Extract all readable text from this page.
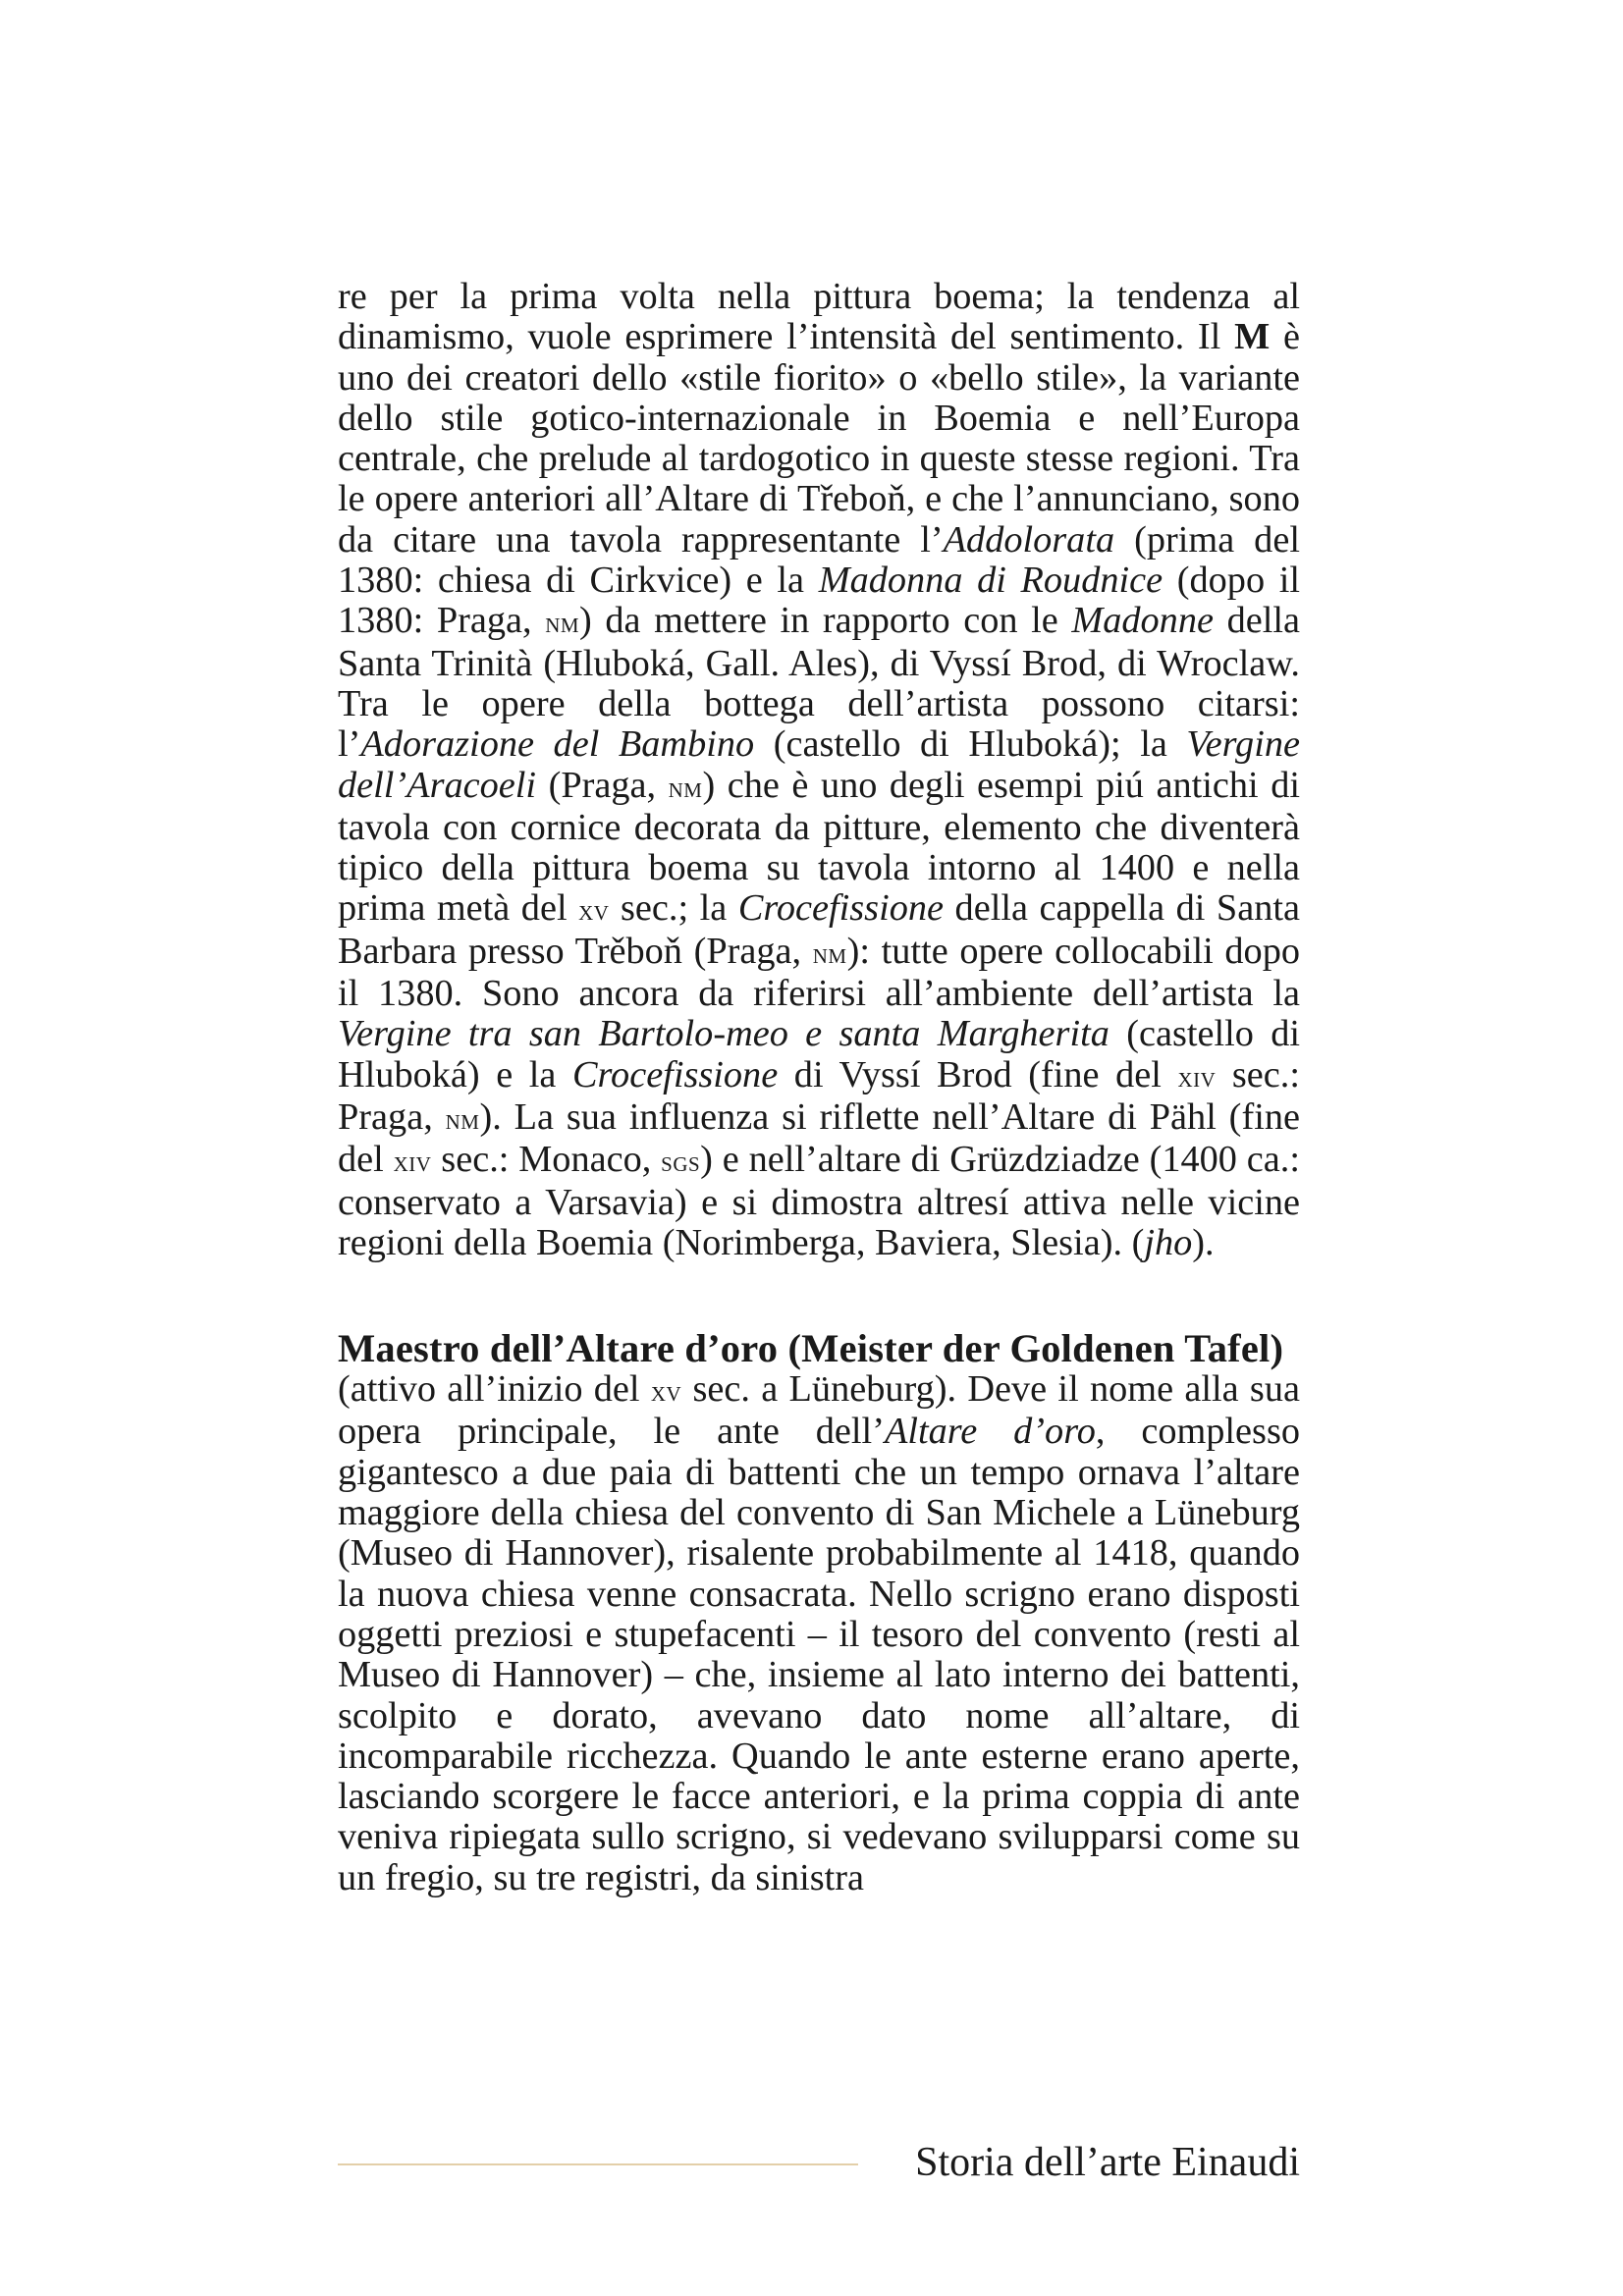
re per la prima volta nella pittura boema; la tendenza al dinamismo, vuole esprimere l’intensità del sentimento. Il M è uno dei creatori dello «stile fiorito» o «bello stile», la variante dello stile gotico-internazionale in Boemia e nell’Europa centrale, che prelude al tardogotico in queste stesse regioni. Tra le opere anteriori all’Altare di Třeboň, e che l’annunciano, sono da citare una tavola rappresentante l’Addolorata (prima del 1380: chiesa di Cirkvice) e la Madonna di Roudnice (dopo il 1380: Praga, nm) da mettere in rapporto con le Madonne della Santa Trinità (Hluboká, Gall. Ales), di Vyssí Brod, di Wroclaw. Tra le opere della bottega dell’artista possono citarsi: l’Adorazione del Bambino (castello di Hluboká); la Vergine dell’Aracoeli (Praga, nm) che è uno degli esempi piú antichi di tavola con cornice decorata da pitture, elemento che diventerà tipico della pittura boema su tavola intorno al 1400 e nella prima metà del xv sec.; la Crocefissione della cappella di Santa Barbara presso Trěboň (Praga, nm): tutte opere collocabili dopo il 1380. Sono ancora da riferirsi all’ambiente dell’artista la Vergine tra san Bartolo-meo e santa Margherita (castello di Hluboká) e la Crocefissione di Vyssí Brod (fine del xiv sec.: Praga, nm). La sua influenza si riflette nell’Altare di Pähl (fine del xiv sec.: Monaco, sgs) e nell’altare di Grüzdziadze (1400 ca.: conservato a Varsavia) e si dimostra altresí attiva nelle vicine regioni della Boemia (Norimberga, Baviera, Slesia). (jho).

Maestro dell’Altare d’oro (Meister der Goldenen Tafel)

(attivo all’inizio del xv sec. a Lüneburg). Deve il nome alla sua opera principale, le ante dell’Altare d’oro, complesso gigantesco a due paia di battenti che un tempo ornava l’altare maggiore della chiesa del convento di San Michele a Lüneburg (Museo di Hannover), risalente probabilmente al 1418, quando la nuova chiesa venne consacrata. Nello scrigno erano disposti oggetti preziosi e stupefacenti – il tesoro del convento (resti al Museo di Hannover) – che, insieme al lato interno dei battenti, scolpito e dorato, avevano dato nome all’altare, di incomparabile ricchezza. Quando le ante esterne erano aperte, lasciando scorgere le facce anteriori, e la prima coppia di ante veniva ripiegata sullo scrigno, si vedevano svilupparsi come su un fregio, su tre registri, da sinistra

Storia dell’arte Einaudi
